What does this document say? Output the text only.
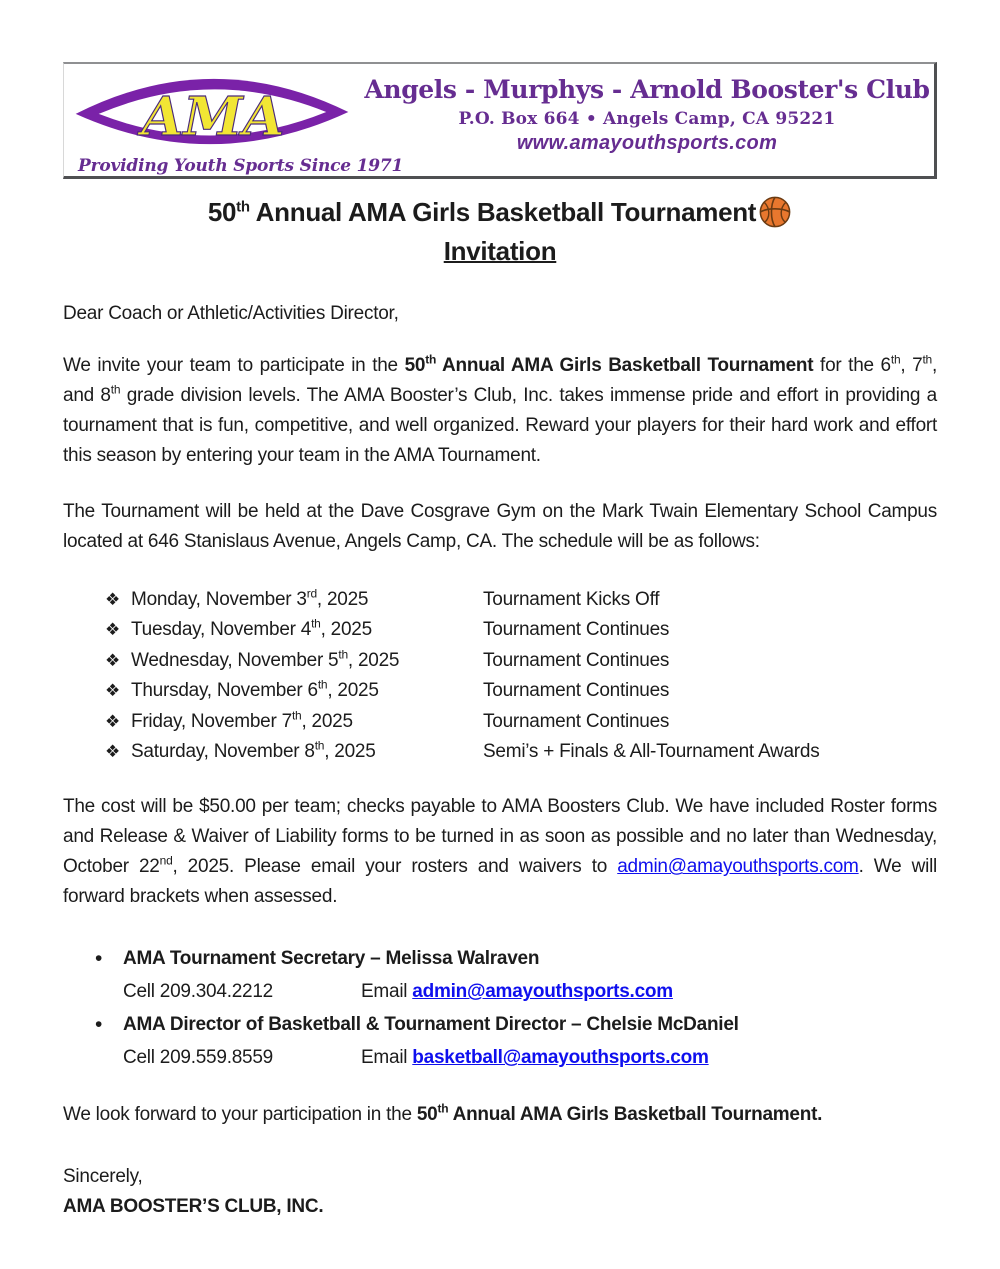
AMA
Providing Youth Sports Since 1971
Angels - Murphys - Arnold Booster's Club
P.O. Box 664 • Angels Camp, CA 95221
www.amayouthsports.com
50th Annual AMA Girls Basketball Tournament
Invitation

Dear Coach or Athletic/Activities Director,

We invite your team to participate in the 50th Annual AMA Girls Basketball Tournament for the 6th, 7th, and 8th grade division levels. The AMA Booster’s Club, Inc. takes immense pride and effort in providing a tournament that is fun, competitive, and well organized. Reward your players for their hard work and effort this season by entering your team in the AMA Tournament.

The Tournament will be held at the Dave Cosgrave Gym on the Mark Twain Elementary School Campus located at 646 Stanislaus Avenue, Angels Camp, CA. The schedule will be as follows:

❖ Monday, November 3rd, 2025	Tournament Kicks Off
❖ Tuesday, November 4th, 2025	Tournament Continues
❖ Wednesday, November 5th, 2025	Tournament Continues
❖ Thursday, November 6th, 2025	Tournament Continues
❖ Friday, November 7th, 2025	Tournament Continues
❖ Saturday, November 8th, 2025	Semi’s + Finals & All-Tournament Awards

The cost will be $50.00 per team; checks payable to AMA Boosters Club. We have included Roster forms and Release & Waiver of Liability forms to be turned in as soon as possible and no later than Wednesday, October 22nd, 2025. Please email your rosters and waivers to admin@amayouthsports.com. We will forward brackets when assessed.

•	AMA Tournament Secretary – Melissa Walraven
Cell 209.304.2212	Email admin@amayouthsports.com
•	AMA Director of Basketball & Tournament Director – Chelsie McDaniel
Cell 209.559.8559	Email basketball@amayouthsports.com

We look forward to your participation in the 50th Annual AMA Girls Basketball Tournament.

Sincerely,

AMA BOOSTER’S CLUB, INC.
